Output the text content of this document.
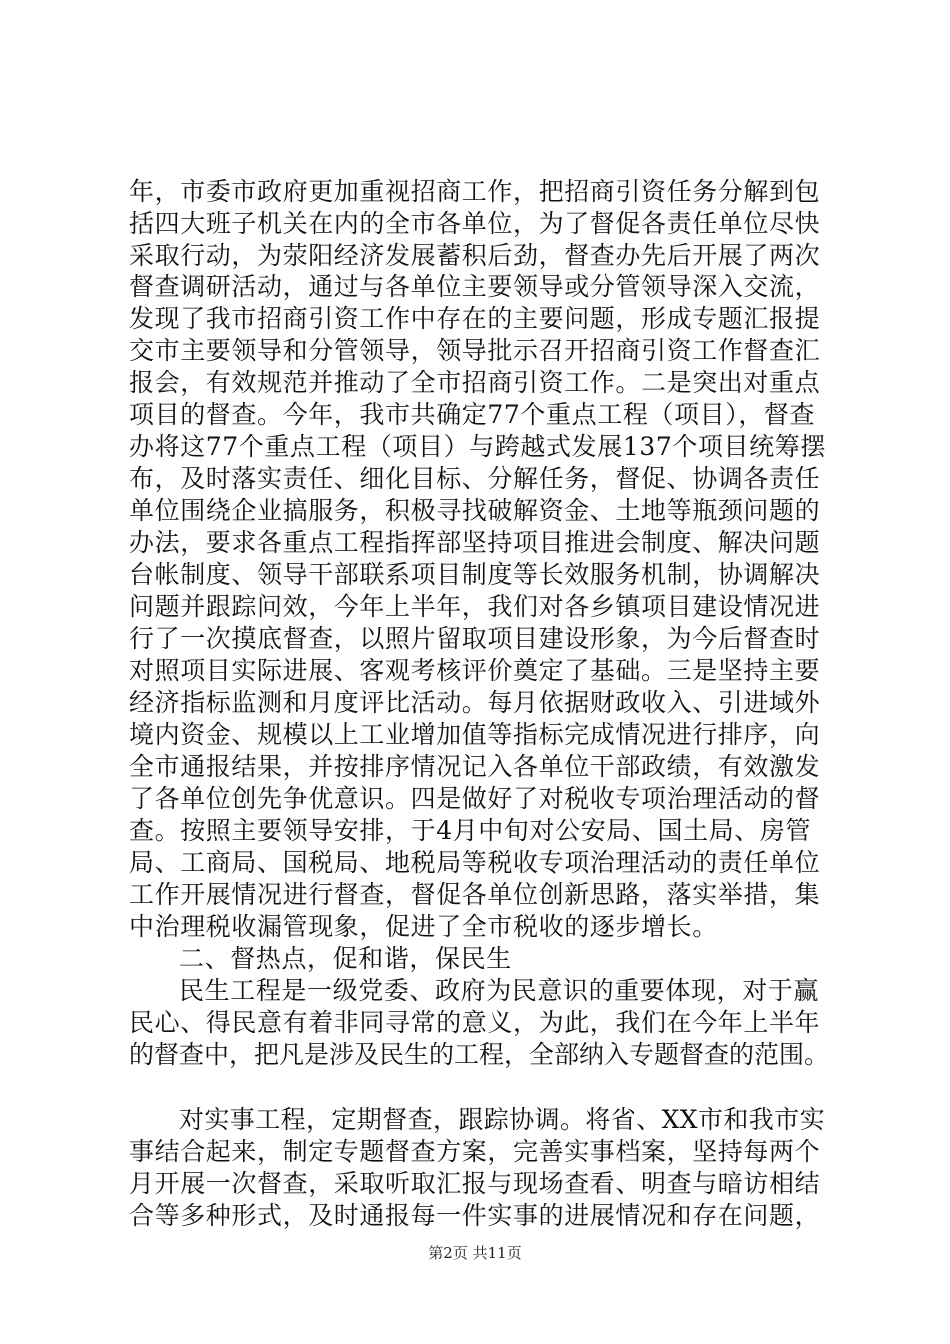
年，市委市政府更加重视招商工作，把招商引资任务分解到包
括四大班子机关在内的全市各单位，为了督促各责任单位尽快
采取行动，为荥阳经济发展蓄积后劲，督查办先后开展了两次
督查调研活动，通过与各单位主要领导或分管领导深入交流，
发现了我市招商引资工作中存在的主要问题，形成专题汇报提
交市主要领导和分管领导，领导批示召开招商引资工作督查汇
报会，有效规范并推动了全市招商引资工作。二是突出对重点
项目的督查。今年，我市共确定77个重点工程（项目），督查
办将这77个重点工程（项目）与跨越式发展137个项目统筹摆
布，及时落实责任、细化目标、分解任务，督促、协调各责任
单位围绕企业搞服务，积极寻找破解资金、土地等瓶颈问题的
办法，要求各重点工程指挥部坚持项目推进会制度、解决问题
台帐制度、领导干部联系项目制度等长效服务机制，协调解决
问题并跟踪问效，今年上半年，我们对各乡镇项目建设情况进
行了一次摸底督查，以照片留取项目建设形象，为今后督查时
对照项目实际进展、客观考核评价奠定了基础。三是坚持主要
经济指标监测和月度评比活动。每月依据财政收入、引进域外
境内资金、规模以上工业增加值等指标完成情况进行排序，向
全市通报结果，并按排序情况记入各单位干部政绩，有效激发
了各单位创先争优意识。四是做好了对税收专项治理活动的督
查。按照主要领导安排，于4月中旬对公安局、国土局、房管
局、工商局、国税局、地税局等税收专项治理活动的责任单位
工作开展情况进行督查，督促各单位创新思路，落实举措，集
中治理税收漏管现象，促进了全市税收的逐步增长。
二、督热点，促和谐，保民生
民生工程是一级党委、政府为民意识的重要体现，对于赢
民心、得民意有着非同寻常的意义，为此，我们在今年上半年
的督查中，把凡是涉及民生的工程，全部纳入专题督查的范围。
对实事工程，定期督查，跟踪协调。将省、XX市和我市实
事结合起来，制定专题督查方案，完善实事档案，坚持每两个
月开展一次督查，采取听取汇报与现场查看、明查与暗访相结
合等多种形式，及时通报每一件实事的进展情况和存在问题，
第2页 共11页
